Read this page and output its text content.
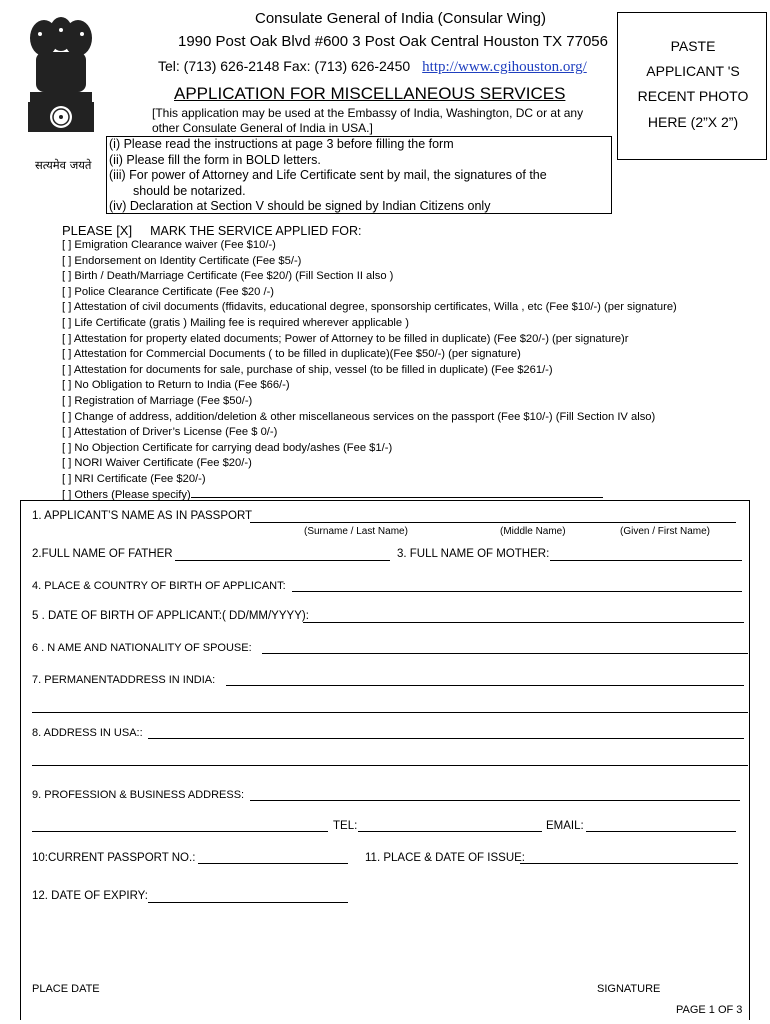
सत्यमेव जयते
Consulate General of India (Consular Wing)
1990 Post Oak Blvd #600 3 Post Oak Central Houston TX 77056
Tel: (713) 626-2148 Fax: (713) 626-2450 http://www.cgihouston.org/
APPLICATION FOR MISCELLANEOUS SERVICES
[This application may be used at the Embassy of India, Washington, DC or at any other Consulate General of India in USA.]
PASTE
APPLICANT 'S
RECENT PHOTO
HERE (2”X 2”)
(i) Please read the instructions at page 3 before filling the form
(ii) Please fill the form in BOLD letters.
(iii) For power of Attorney and Life Certificate sent by mail, the signatures of the
should be notarized.
(iv) Declaration at Section V should be signed by Indian Citizens only
PLEASE [X] MARK THE SERVICE APPLIED FOR:
[ ] Emigration Clearance waiver (Fee $10/-)
[ ] Endorsement on Identity Certificate (Fee $5/-)
[ ] Birth / Death/Marriage Certificate (Fee $20/) (Fill Section II also )
[ ] Police Clearance Certificate (Fee $20 /-)
[ ] Attestation of civil documents (ffidavits, educational degree, sponsorship certificates, Willa , etc (Fee $10/-) (per signature)
[ ] Life Certificate (gratis ) Mailing fee is required wherever applicable )
[ ] Attestation for property elated documents; Power of Attorney to be filled in duplicate) (Fee $20/-) (per signature)r
[ ] Attestation for Commercial Documents ( to be filled in duplicate)(Fee $50/-) (per signature)
[ ] Attestation for documents for sale, purchase of ship, vessel (to be filled in duplicate) (Fee $261/-)
[ ] No Obligation to Return to India (Fee $66/-)
[ ] Registration of Marriage (Fee $50/-)
[ ] Change of address, addition/deletion & other miscellaneous services on the passport (Fee $10/-) (Fill Section IV also)
[ ] Attestation of Driver’s License (Fee $ 0/-)
[ ] No Objection Certificate for carrying dead body/ashes (Fee $1/-)
[ ] NORI Waiver Certificate (Fee $20/-)
[ ] NRI Certificate (Fee $20/-)
[ ] Others (Please specify)
1. APPLICANT’S NAME AS IN PASSPORT
(Surname / Last Name)	(Middle Name)	(Given / First Name)
2.FULL NAME OF FATHER	3. FULL NAME OF MOTHER:
4. PLACE & COUNTRY OF BIRTH OF APPLICANT:
5 . DATE OF BIRTH OF APPLICANT:( DD/MM/YYYY):
6 . N AME AND NATIONALITY OF SPOUSE:
7. PERMANENTADDRESS IN INDIA:
8. ADDRESS IN USA::
9. PROFESSION & BUSINESS ADDRESS:
TEL:	EMAIL:
10:CURRENT PASSPORT NO.:	11. PLACE & DATE OF ISSUE:
12. DATE OF EXPIRY:
PLACE DATE	SIGNATURE
PAGE 1 OF 3
